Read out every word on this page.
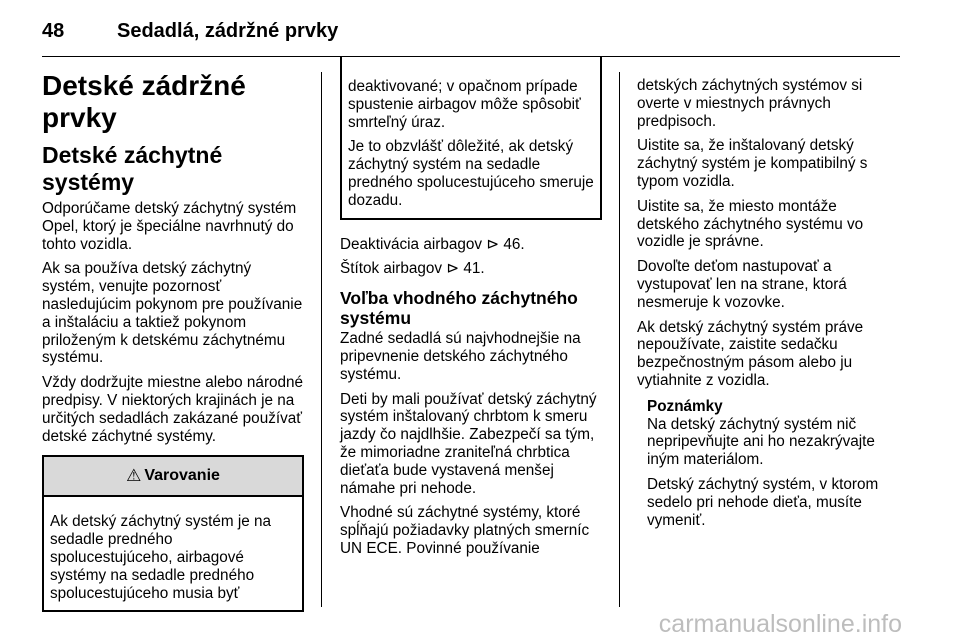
48	Sedadlá, zádržné prvky
Detské zádržné prvky
Detské záchytné systémy

Odporúčame detský záchytný systém Opel, ktorý je špeciálne navrhnutý do tohto vozidla.

Ak sa používa detský záchytný systém, venujte pozornosť nasledujúcim pokynom pre používanie a inštaláciu a taktiež pokynom priloženým k detskému záchytnému systému.

Vždy dodržujte miestne alebo národné predpisy. V niektorých krajinách je na určitých sedadlách zakázané používať detské záchytné systémy.

⚠ Varovanie
Ak detský záchytný systém je na sedadle predného spolucestujúceho, airbagové systémy na sedadle predného spolucestujúceho musia byť

deaktivované; v opačnom prípade spustenie airbagov môže spôsobiť smrteľný úraz.

Je to obzvlášť dôležité, ak detský záchytný systém na sedadle predného spolucestujúceho smeruje dozadu.

Deaktivácia airbagov ⊳ 46.

Štítok airbagov ⊳ 41.

Voľba vhodného záchytného systému

Zadné sedadlá sú najvhodnejšie na pripevnenie detského záchytného systému.

Deti by mali používať detský záchytný systém inštalovaný chrbtom k smeru jazdy čo najdlhšie. Zabezpečí sa tým, že mimoriadne zraniteľná chrbtica dieťaťa bude vystavená menšej námahe pri nehode.

Vhodné sú záchytné systémy, ktoré spĺňajú požiadavky platných smerníc UN ECE. Povinné používanie

detských záchytných systémov si overte v miestnych právnych predpisoch.

Uistite sa, že inštalovaný detský záchytný systém je kompatibilný s typom vozidla.

Uistite sa, že miesto montáže detského záchytného systému vo vozidle je správne.

Dovoľte deťom nastupovať a vystupovať len na strane, ktorá nesmeruje k vozovke.

Ak detský záchytný systém práve nepoužívate, zaistite sedačku bezpečnostným pásom alebo ju vytiahnite z vozidla.

Poznámky

Na detský záchytný systém nič nepripevňujte ani ho nezakrývajte iným materiálom.

Detský záchytný systém, v ktorom sedelo pri nehode dieťa, musíte vymeniť.

carmanualsonline.info
